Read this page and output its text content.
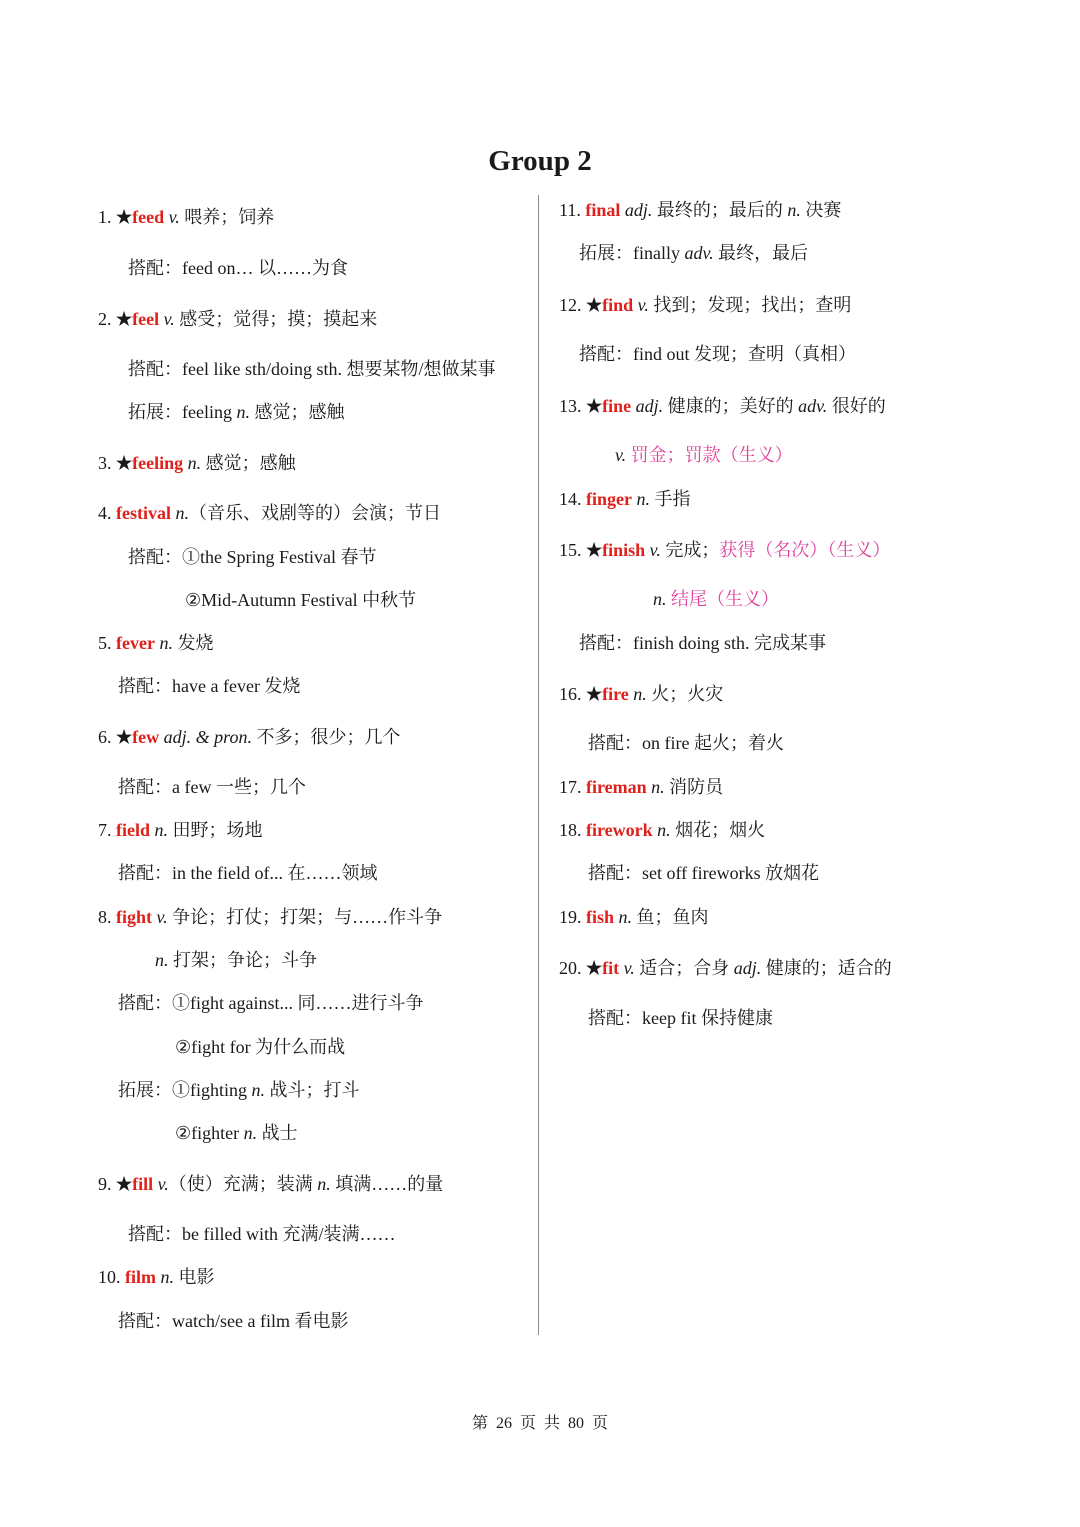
Group 2
1. ★feed v. 喂养；饲养
搭配：feed on… 以……为食
2. ★feel v. 感受；觉得；摸；摸起来
搭配：feel like sth/doing sth. 想要某物/想做某事
拓展：feeling n. 感觉；感触
3. ★feeling n. 感觉；感触
4. festival n.（音乐、戏剧等的）会演；节日
搭配：①the Spring Festival 春节
②Mid-Autumn Festival 中秋节
5. fever n. 发烧
搭配：have a fever 发烧
6. ★few adj. & pron. 不多；很少；几个
搭配：a few 一些；几个
7. field n. 田野；场地
搭配：in the field of... 在……领域
8. fight v. 争论；打仗；打架；与……作斗争
n. 打架；争论；斗争
搭配：①fight against... 同……进行斗争
②fight for 为什么而战
拓展：①fighting n. 战斗；打斗
②fighter n. 战士
9. ★fill v.（使）充满；装满 n. 填满……的量
搭配：be filled with 充满/装满……
10. film n. 电影
搭配：watch/see a film 看电影
11. final adj. 最终的；最后的 n. 决赛
拓展：finally adv. 最终，最后
12. ★find v. 找到；发现；找出；查明
搭配：find out 发现；查明（真相）
13. ★fine adj. 健康的；美好的 adv. 很好的
v. 罚金；罚款（生义）
14. finger n. 手指
15. ★finish v. 完成；获得（名次）（生义）
n. 结尾（生义）
搭配：finish doing sth. 完成某事
16. ★fire n. 火；火灾
搭配：on fire 起火；着火
17. fireman n. 消防员
18. firework n. 烟花；烟火
搭配：set off fireworks 放烟花
19. fish n. 鱼；鱼肉
20. ★fit v. 适合；合身 adj. 健康的；适合的
搭配：keep fit 保持健康
第 26 页 共 80 页
